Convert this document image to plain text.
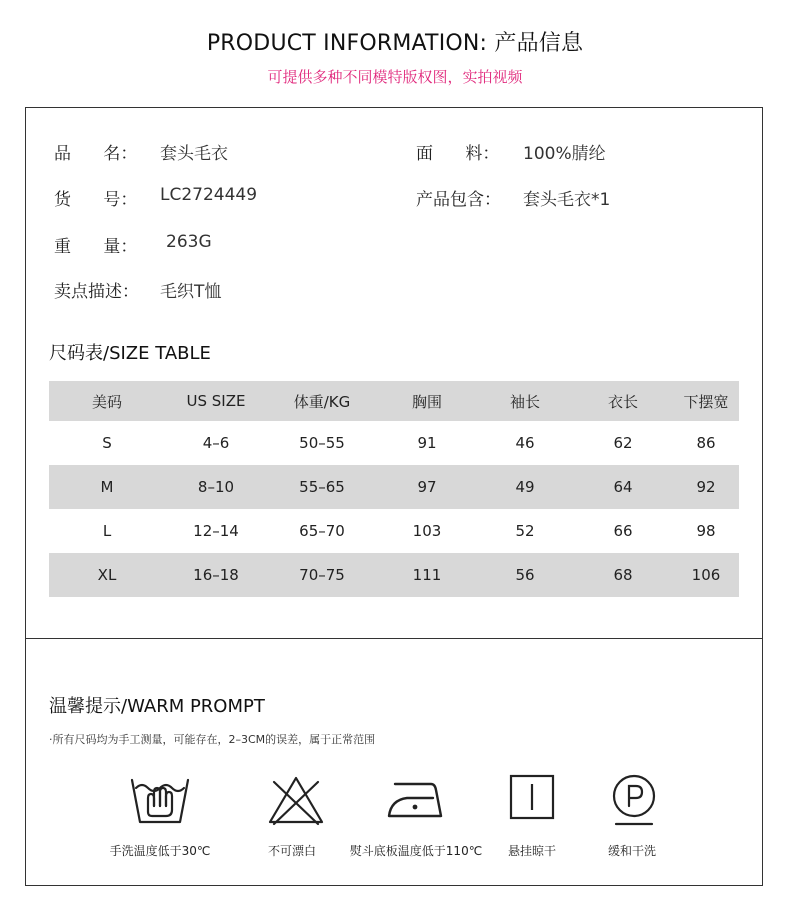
PRODUCT INFORMATION: 产品信息
可提供多种不同模特版权图，实拍视频
品      名： 套头毛衣	面      料： 100%腈纶
货      号： LC2724449	产品包含： 套头毛衣*1
重      量： 263G
卖点描述： 毛织T恤
尺码表/SIZE TABLE
美码	US SIZE	体重/KG	胸围	袖长	衣长	下摆宽
S	4–6	50–55	91	46	62	86
M	8–10	55–65	97	49	64	92
L	12–14	65–70	103	52	66	98
XL	16–18	70–75	111	56	68	106
温馨提示/WARM PROMPT
·所有尺码均为手工测量，可能存在，2–3CM的误差，属于正常范围
手洗温度低于30℃	不可漂白	熨斗底板温度低于110℃	悬挂晾干	缓和干洗
